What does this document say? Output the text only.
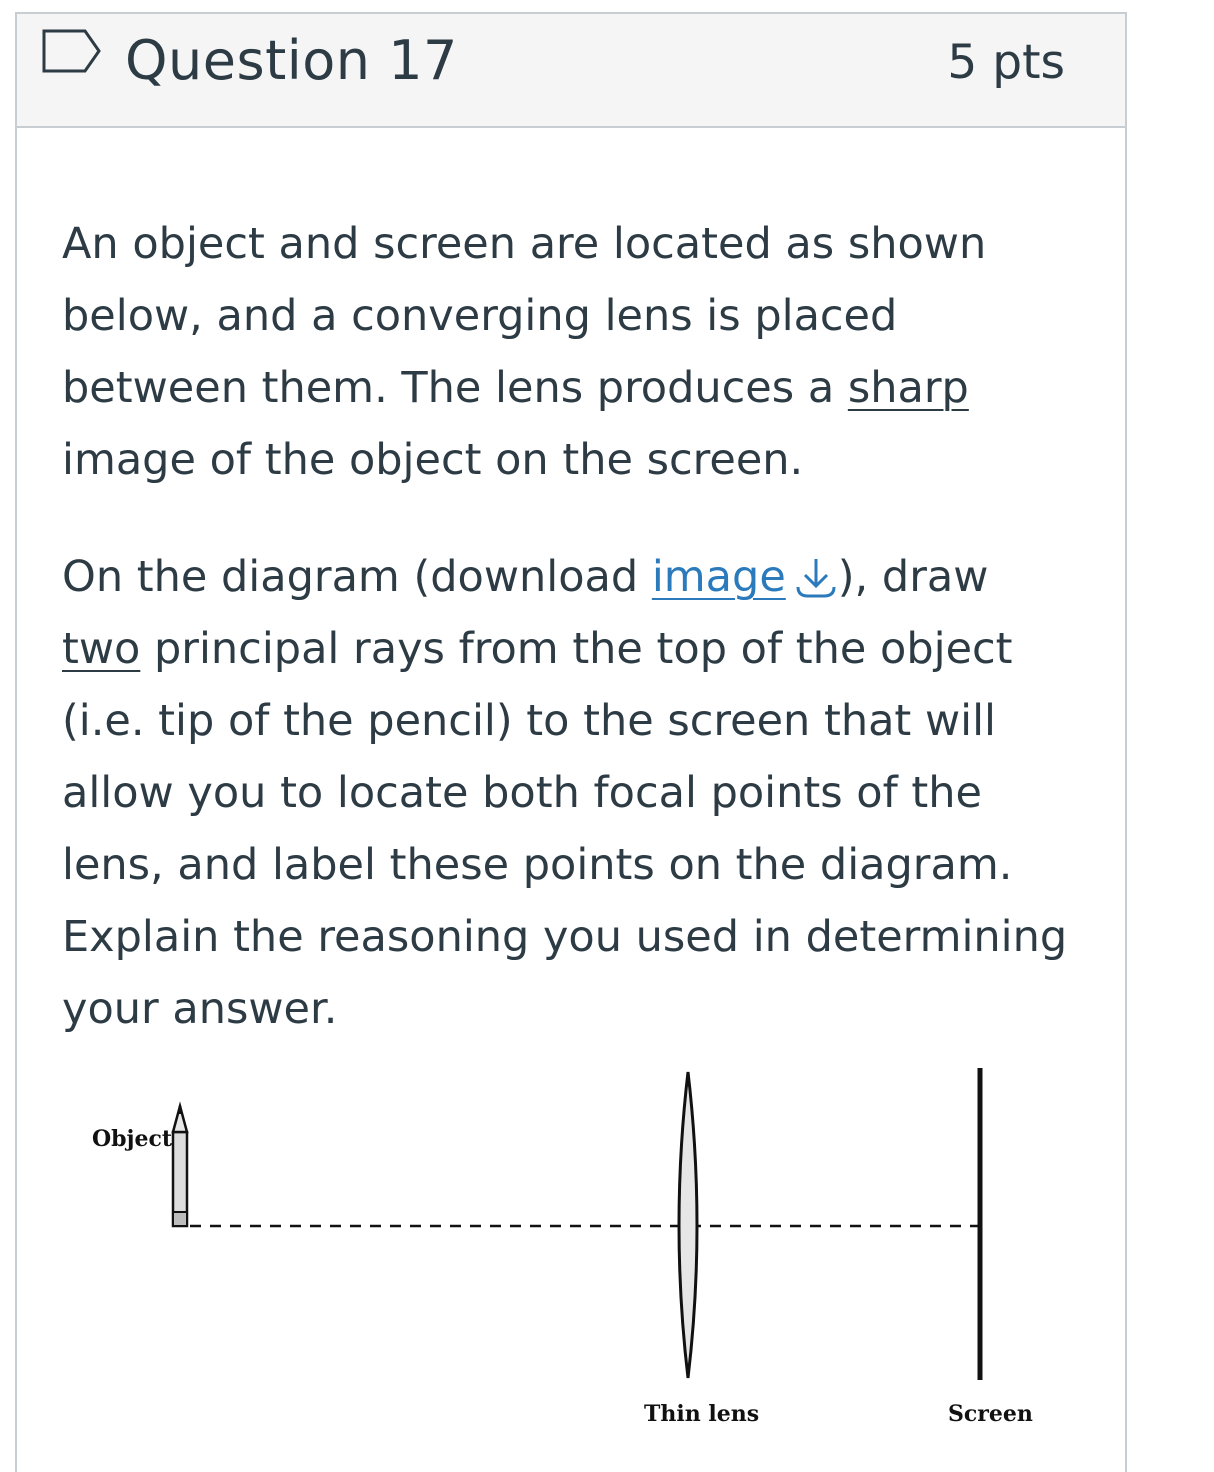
Question 17	5 pts

An object and screen are located as shown below, and a converging lens is placed between them. The lens produces a sharp image of the object on the screen.

On the diagram (download image ), draw two principal rays from the top of the object (i.e. tip of the pencil) to the screen that will allow you to locate both focal points of the lens, and label these points on the diagram. Explain the reasoning you used in determining your answer.

Object
Thin lens	Screen
